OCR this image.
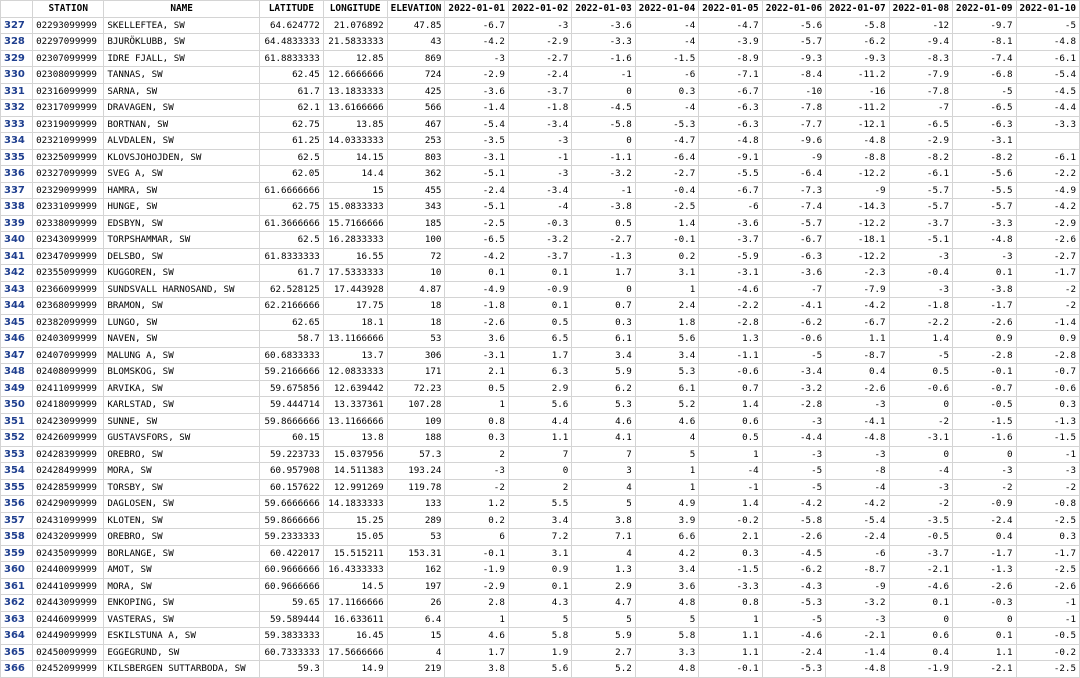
	STATION	NAME	LATITUDE	LONGITUDE	ELEVATION	2022-01-01	2022-01-02	2022-01-03	2022-01-04	2022-01-05	2022-01-06	2022-01-07	2022-01-08	2022-01-09	2022-01-10
327	02293099999	SKELLEFTEA, SW	64.624772	21.076892	47.85	-6.7	-3	-3.6	-4	-4.7	-5.6	-5.8	-12	-9.7	-5
328	02297099999	BJURÖKLUBB, SW	64.4833333	21.5833333	43	-4.2	-2.9	-3.3	-4	-3.9	-5.7	-6.2	-9.4	-8.1	-4.8
329	02307099999	IDRE FJALL, SW	61.8833333	12.85	869	-3	-2.7	-1.6	-1.5	-8.9	-9.3	-9.3	-8.3	-7.4	-6.1
330	02308099999	TANNAS, SW	62.45	12.6666666	724	-2.9	-2.4	-1	-6	-7.1	-8.4	-11.2	-7.9	-6.8	-5.4
331	02316099999	SARNA, SW	61.7	13.1833333	425	-3.6	-3.7	0	0.3	-6.7	-10	-16	-7.8	-5	-4.5
332	02317099999	DRAVAGEN, SW	62.1	13.6166666	566	-1.4	-1.8	-4.5	-4	-6.3	-7.8	-11.2	-7	-6.5	-4.4
333	02319099999	BORTNAN, SW	62.75	13.85	467	-5.4	-3.4	-5.8	-5.3	-6.3	-7.7	-12.1	-6.5	-6.3	-3.3
334	02321099999	ALVDALEN, SW	61.25	14.0333333	253	-3.5	-3	0	-4.7	-4.8	-9.6	-4.8	-2.9	-3.1	
335	02325099999	KLOVSJOHOJDEN, SW	62.5	14.15	803	-3.1	-1	-1.1	-6.4	-9.1	-9	-8.8	-8.2	-8.2	-6.1
336	02327099999	SVEG A, SW	62.05	14.4	362	-5.1	-3	-3.2	-2.7	-5.5	-6.4	-12.2	-6.1	-5.6	-2.2
337	02329099999	HAMRA, SW	61.6666666	15	455	-2.4	-3.4	-1	-0.4	-6.7	-7.3	-9	-5.7	-5.5	-4.9
338	02331099999	HUNGE, SW	62.75	15.0833333	343	-5.1	-4	-3.8	-2.5	-6	-7.4	-14.3	-5.7	-5.7	-4.2
339	02338099999	EDSBYN, SW	61.3666666	15.7166666	185	-2.5	-0.3	0.5	1.4	-3.6	-5.7	-12.2	-3.7	-3.3	-2.9
340	02343099999	TORPSHAMMAR, SW	62.5	16.2833333	100	-6.5	-3.2	-2.7	-0.1	-3.7	-6.7	-18.1	-5.1	-4.8	-2.6
341	02347099999	DELSBO, SW	61.8333333	16.55	72	-4.2	-3.7	-1.3	0.2	-5.9	-6.3	-12.2	-3	-3	-2.7
342	02355099999	KUGGOREN, SW	61.7	17.5333333	10	0.1	0.1	1.7	3.1	-3.1	-3.6	-2.3	-0.4	0.1	-1.7
343	02366099999	SUNDSVALL HARNOSAND, SW	62.528125	17.443928	4.87	-4.9	-0.9	0	1	-4.6	-7	-7.9	-3	-3.8	-2
344	02368099999	BRAMON, SW	62.2166666	17.75	18	-1.8	0.1	0.7	2.4	-2.2	-4.1	-4.2	-1.8	-1.7	-2
345	02382099999	LUNGO, SW	62.65	18.1	18	-2.6	0.5	0.3	1.8	-2.8	-6.2	-6.7	-2.2	-2.6	-1.4
346	02403099999	NAVEN, SW	58.7	13.1166666	53	3.6	6.5	6.1	5.6	1.3	-0.6	1.1	1.4	0.9	0.9
347	02407099999	MALUNG A, SW	60.6833333	13.7	306	-3.1	1.7	3.4	3.4	-1.1	-5	-8.7	-5	-2.8	-2.8
348	02408099999	BLOMSKOG, SW	59.2166666	12.0833333	171	2.1	6.3	5.9	5.3	-0.6	-3.4	0.4	0.5	-0.1	-0.7
349	02411099999	ARVIKA, SW	59.675856	12.639442	72.23	0.5	2.9	6.2	6.1	0.7	-3.2	-2.6	-0.6	-0.7	-0.6
350	02418099999	KARLSTAD, SW	59.444714	13.337361	107.28	1	5.6	5.3	5.2	1.4	-2.8	-3	0	-0.5	0.3
351	02423099999	SUNNE, SW	59.8666666	13.1166666	109	0.8	4.4	4.6	4.6	0.6	-3	-4.1	-2	-1.5	-1.3
352	02426099999	GUSTAVSFORS, SW	60.15	13.8	188	0.3	1.1	4.1	4	0.5	-4.4	-4.8	-3.1	-1.6	-1.5
353	02428399999	OREBRO, SW	59.223733	15.037956	57.3	2	7	7	5	1	-3	-3	0	0	-1
354	02428499999	MORA, SW	60.957908	14.511383	193.24	-3	0	3	1	-4	-5	-8	-4	-3	-3
355	02428599999	TORSBY, SW	60.157622	12.991269	119.78	-2	2	4	1	-1	-5	-4	-3	-2	-2
356	02429099999	DAGLOSEN, SW	59.6666666	14.1833333	133	1.2	5.5	5	4.9	1.4	-4.2	-4.2	-2	-0.9	-0.8
357	02431099999	KLOTEN, SW	59.8666666	15.25	289	0.2	3.4	3.8	3.9	-0.2	-5.8	-5.4	-3.5	-2.4	-2.5
358	02432099999	OREBRO, SW	59.2333333	15.05	53	6	7.2	7.1	6.6	2.1	-2.6	-2.4	-0.5	0.4	0.3
359	02435099999	BORLANGE, SW	60.422017	15.515211	153.31	-0.1	3.1	4	4.2	0.3	-4.5	-6	-3.7	-1.7	-1.7
360	02440099999	AMOT, SW	60.9666666	16.4333333	162	-1.9	0.9	1.3	3.4	-1.5	-6.2	-8.7	-2.1	-1.3	-2.5
361	02441099999	MORA, SW	60.9666666	14.5	197	-2.9	0.1	2.9	3.6	-3.3	-4.3	-9	-4.6	-2.6	-2.6
362	02443099999	ENKOPING, SW	59.65	17.1166666	26	2.8	4.3	4.7	4.8	0.8	-5.3	-3.2	0.1	-0.3	-1
363	02446099999	VASTERAS, SW	59.589444	16.633611	6.4	1	5	5	5	1	-5	-3	0	0	-1
364	02449099999	ESKILSTUNA A, SW	59.3833333	16.45	15	4.6	5.8	5.9	5.8	1.1	-4.6	-2.1	0.6	0.1	-0.5
365	02450099999	EGGEGRUND, SW	60.7333333	17.5666666	4	1.7	1.9	2.7	3.3	1.1	-2.4	-1.4	0.4	1.1	-0.2
366	02452099999	KILSBERGEN SUTTARBODA, SW	59.3	14.9	219	3.8	5.6	5.2	4.8	-0.1	-5.3	-4.8	-1.9	-2.1	-2.5
